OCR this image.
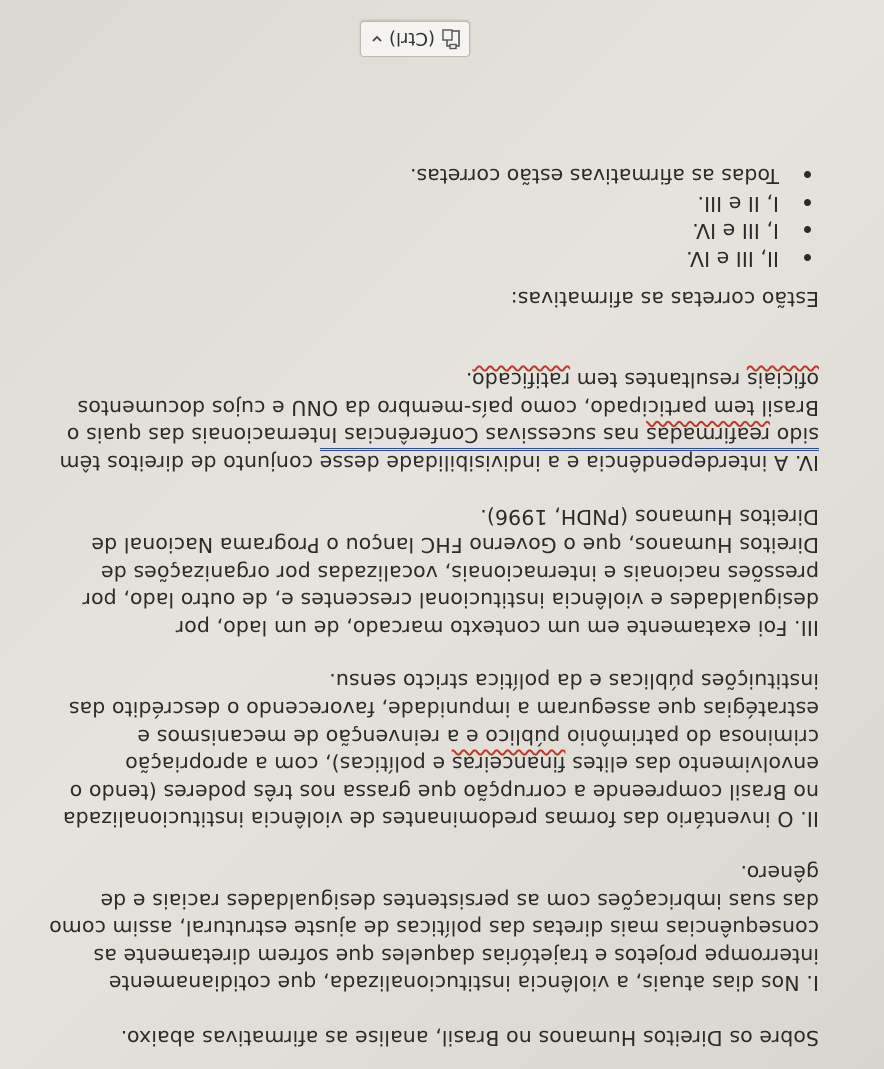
Sobre os Direitos Humanos no Brasil, analise as afirmativas abaixo.

I. Nos dias atuais, a violência institucionalizada, que cotidianamente interrompe projetos e trajetórias daqueles que sofrem diretamente as consequências mais diretas das políticas de ajuste estrutural, assim como das suas imbricações com as persistentes desigualdades raciais e de gênero.

II. O inventário das formas predominantes de violência institucionalizada no Brasil compreende a corrupção que grassa nos três poderes (tendo o envolvimento das elites financeiras e políticas), com a apropriação criminosa do patrimônio público e a reinvenção de mecanismos e estratégias que asseguram a impunidade, favorecendo o descrédito das instituições públicas e da política stricto sensu.

III. Foi exatamente em um contexto marcado, de um lado, por desigualdades e violência institucional crescentes e, de outro lado, por pressões nacionais e internacionais, vocalizadas por organizações de Direitos Humanos, que o Governo FHC lançou o Programa Nacional de Direitos Humanos (PNDH, 1996).

IV. A interdependência e a indivisibilidade desse conjunto de direitos têm sido reafirmadas nas sucessivas Conferências Internacionais das quais o Brasil tem participado, como país-membro da ONU e cujos documentos oficiais resultantes tem ratificado.

Estão corretas as afirmativas:

II, III e IV.
I, III e IV.
I, II e III.
Todas as afirmativas estão corretas.
(Ctrl)
